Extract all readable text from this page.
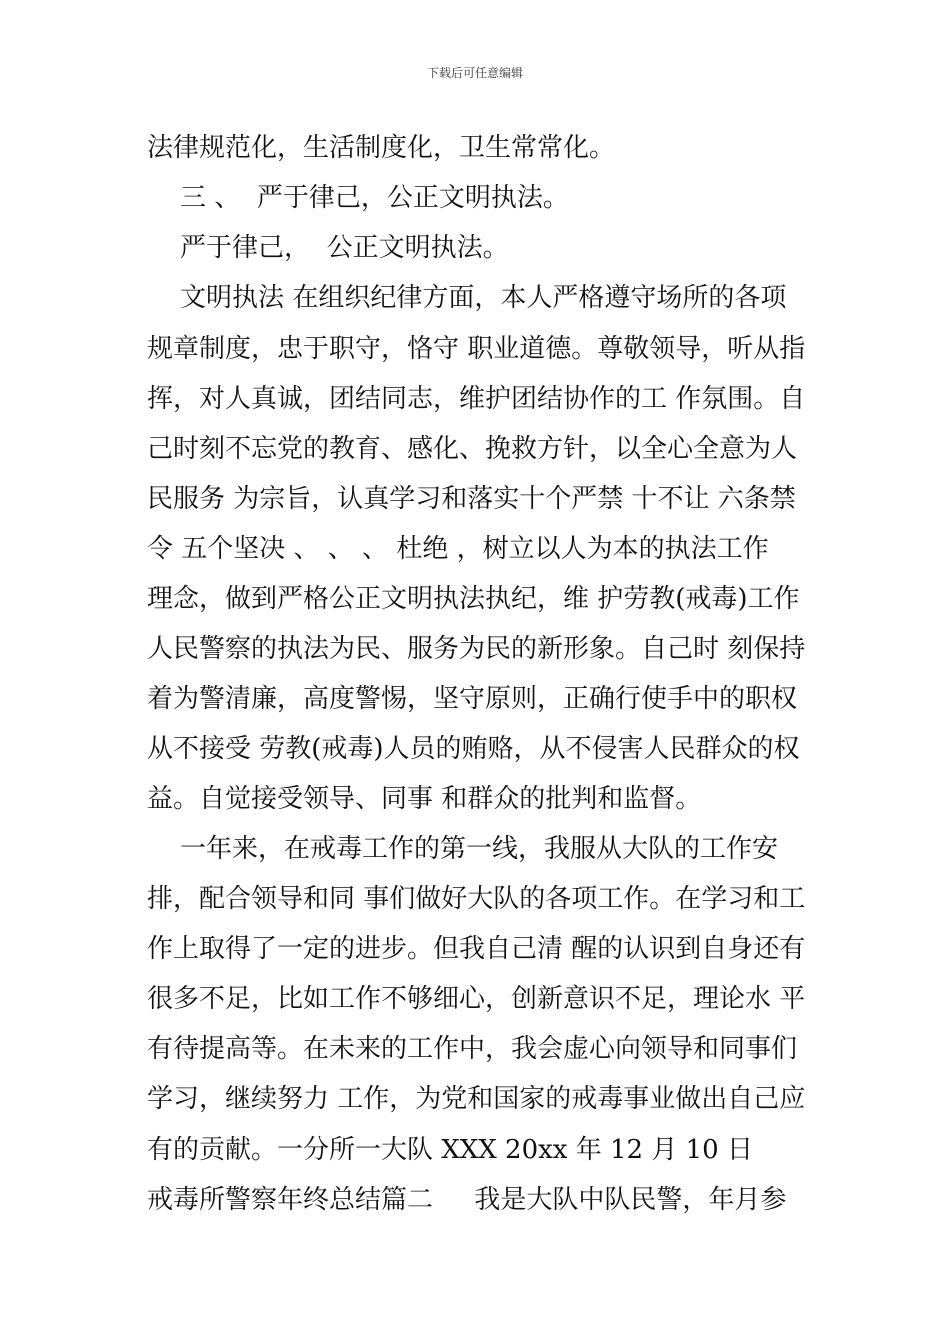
下载后可任意编辑
法律规范化，生活制度化，卫生常常化。
三 、  严于律己，公正文明执法。
严于律己，  公正文明执法。
文明执法 在组织纪律方面，本人严格遵守场所的各项
规章制度，忠于职守，恪守 职业道德。尊敬领导，听从指
挥，对人真诚，团结同志，维护团结协作的工 作氛围。自
己时刻不忘党的教育、感化、挽救方针，以全心全意为人
民服务 为宗旨，认真学习和落实十个严禁 十不让 六条禁
令 五个坚决 、 、 、 杜绝 ，树立以人为本的执法工作
理念，做到严格公正文明执法执纪，维 护劳教(戒毒)工作
人民警察的执法为民、服务为民的新形象。自己时 刻保持
着为警清廉，高度警惕，坚守原则，正确行使手中的职权
从不接受 劳教(戒毒)人员的贿赂，从不侵害人民群众的权
益。自觉接受领导、同事 和群众的批判和监督。
一年来，在戒毒工作的第一线，我服从大队的工作安
排，配合领导和同 事们做好大队的各项工作。在学习和工
作上取得了一定的进步。但我自己清 醒的认识到自身还有
很多不足，比如工作不够细心，创新意识不足，理论水 平
有待提高等。在未来的工作中，我会虚心向领导和同事们
学习，继续努力 工作，为党和国家的戒毒事业做出自己应
有的贡献。一分所一大队 XXX 20xx 年 12 月 10 日
戒毒所警察年终总结篇二     我是大队中队民警，年月参
